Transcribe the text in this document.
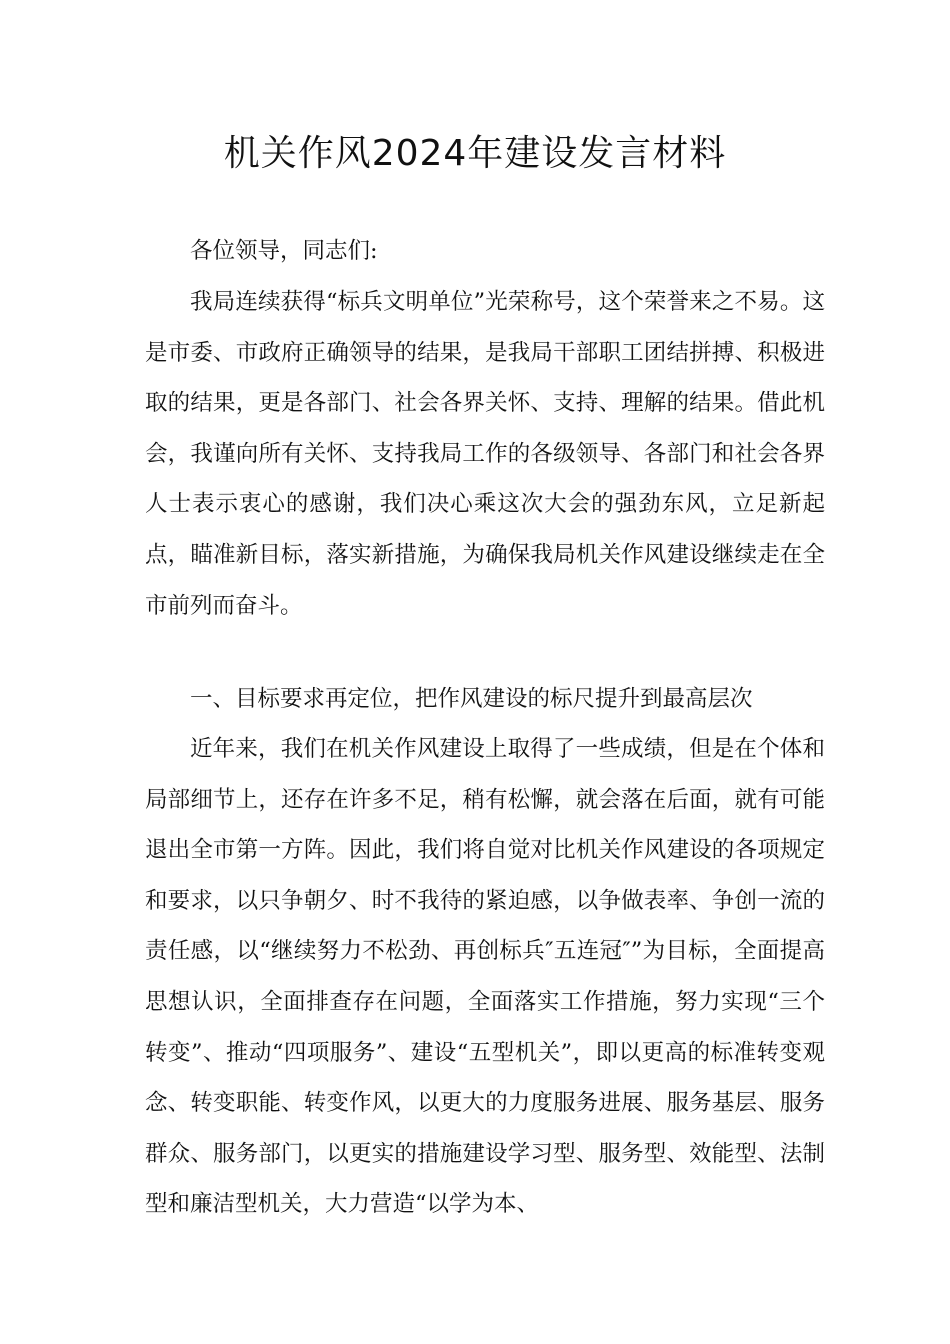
机关作风2024年建设发言材料

各位领导，同志们:

我局连续获得“标兵文明单位”光荣称号，这个荣誉来之不易。这是市委、市政府正确领导的结果，是我局干部职工团结拼搏、积极进取的结果，更是各部门、社会各界关怀、支持、理解的结果。借此机会，我谨向所有关怀、支持我局工作的各级领导、各部门和社会各界人士表示衷心的感谢，我们决心乘这次大会的强劲东风，立足新起点，瞄准新目标，落实新措施，为确保我局机关作风建设继续走在全市前列而奋斗。

一、目标要求再定位，把作风建设的标尺提升到最高层次

近年来，我们在机关作风建设上取得了一些成绩，但是在个体和局部细节上，还存在许多不足，稍有松懈，就会落在后面，就有可能退出全市第一方阵。因此，我们将自觉对比机关作风建设的各项规定和要求，以只争朝夕、时不我待的紧迫感，以争做表率、争创一流的责任感，以“继续努力不松劲、再创标兵″五连冠″”为目标，全面提高思想认识，全面排查存在问题，全面落实工作措施，努力实现“三个转变”、推动“四项服务”、建设“五型机关”，即以更高的标准转变观念、转变职能、转变作风，以更大的力度服务进展、服务基层、服务群众、服务部门，以更实的措施建设学习型、服务型、效能型、法制型和廉洁型机关，大力营造“以学为本、
